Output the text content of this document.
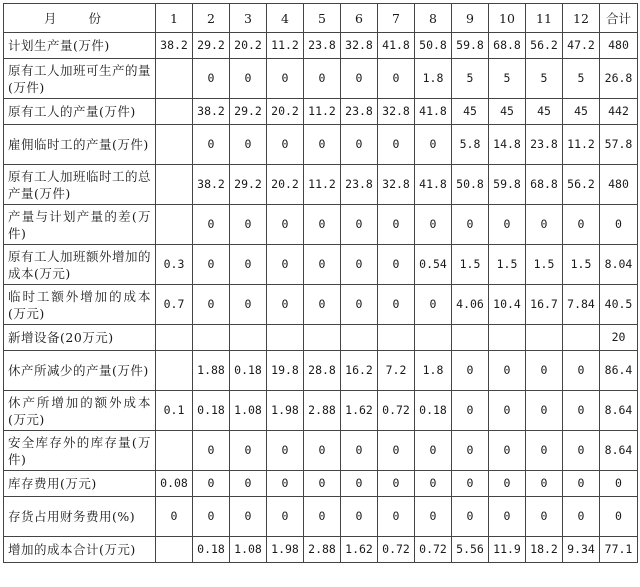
月 份	1	2	3	4	5	6	7	8	9	10	11	12	合计
计划生产量(万件)	38.2	29.2	20.2	11.2	23.8	32.8	41.8	50.8	59.8	68.8	56.2	47.2	480
原有工人加班可生产的量(万件)		0	0	0	0	0	0	1.8	5	5	5	5	26.8
原有工人的产量(万件)		38.2	29.2	20.2	11.2	23.8	32.8	41.8	45	45	45	45	442
雇佣临时工的产量(万件)		0	0	0	0	0	0	0	5.8	14.8	23.8	11.2	57.8
原有工人加班临时工的总产量(万件)		38.2	29.2	20.2	11.2	23.8	32.8	41.8	50.8	59.8	68.8	56.2	480
产量与计划产量的差(万件)		0	0	0	0	0	0	0	0	0	0	0	0
原有工人加班额外增加的成本(万元)	0.3	0	0	0	0	0	0	0.54	1.5	1.5	1.5	1.5	8.04
临时工额外增加的成本(万元)	0.7	0	0	0	0	0	0	0	4.06	10.4	16.7	7.84	40.5
新增设备(20万元)													20
休产所减少的产量(万件)		1.88	0.18	19.8	28.8	16.2	7.2	1.8	0	0	0	0	86.4
休产所增加的额外成本(万元)	0.1	0.18	1.08	1.98	2.88	1.62	0.72	0.18	0	0	0	0	8.64
安全库存外的库存量(万件)		0	0	0	0	0	0	0	0	0	0	0	8.64
库存费用(万元)	0.08	0	0	0	0	0	0	0	0	0	0	0	0
存货占用财务费用(%)	0	0	0	0	0	0	0	0	0	0	0	0	0
增加的成本合计(万元)		0.18	1.08	1.98	2.88	1.62	0.72	0.72	5.56	11.9	18.2	9.34	77.1
